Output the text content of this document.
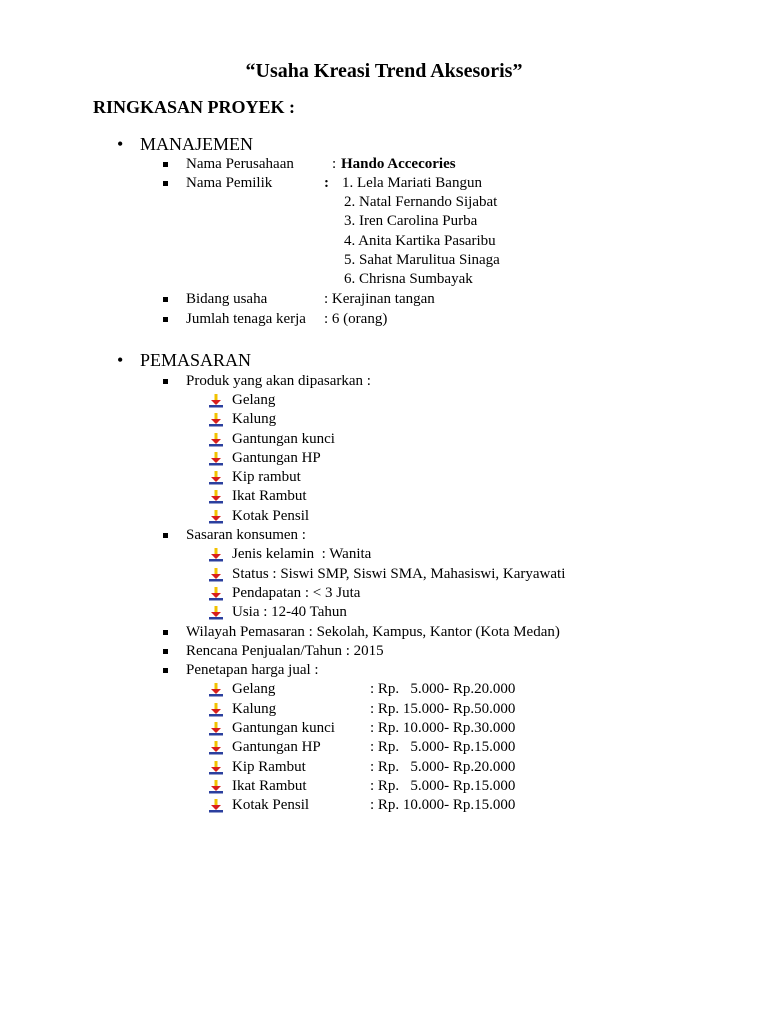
“Usaha Kreasi Trend Aksesoris”
RINGKASAN PROYEK :
• MANAJEMEN
Nama Perusahaan	: Hando Accecories
Nama Pemilik	: 1. Lela Mariati Bangun
2. Natal Fernando Sijabat
3. Iren Carolina Purba
4. Anita Kartika Pasaribu
5. Sahat Marulitua Sinaga
6. Chrisna Sumbayak
Bidang usaha	: Kerajinan tangan
Jumlah tenaga kerja : 6 (orang)
• PEMASARAN
Produk yang akan dipasarkan :
Gelang
Kalung
Gantungan kunci
Gantungan HP
Kip rambut
Ikat Rambut
Kotak Pensil
Sasaran konsumen :
Jenis kelamin  : Wanita
Status : Siswi SMP, Siswi SMA, Mahasiswi, Karyawati
Pendapatan : < 3 Juta
Usia : 12-40 Tahun
Wilayah Pemasaran : Sekolah, Kampus, Kantor (Kota Medan)
Rencana Penjualan/Tahun : 2015
Penetapan harga jual :
Gelang	: Rp.   5.000- Rp.20.000
Kalung	: Rp. 15.000- Rp.50.000
Gantungan kunci : Rp. 10.000- Rp.30.000
Gantungan HP	: Rp.   5.000- Rp.15.000
Kip Rambut	: Rp.   5.000- Rp.20.000
Ikat Rambut	: Rp.   5.000- Rp.15.000
Kotak Pensil	: Rp. 10.000- Rp.15.000
